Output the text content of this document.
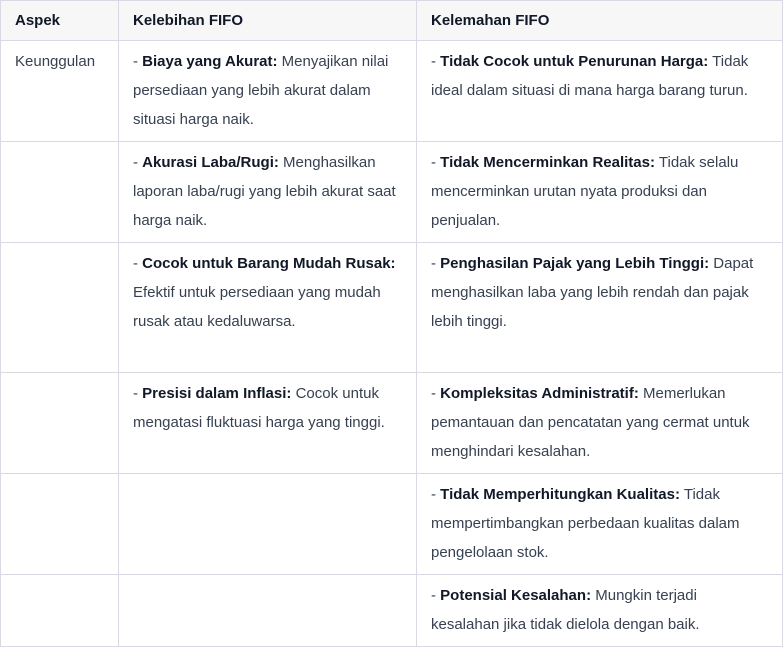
Aspek	Kelebihan FIFO	Kelemahan FIFO
Keunggulan	- Biaya yang Akurat: Menyajikan nilai persediaan yang lebih akurat dalam situasi harga naik.	- Tidak Cocok untuk Penurunan Harga: Tidak ideal dalam situasi di mana harga barang turun.
	- Akurasi Laba/Rugi: Menghasilkan laporan laba/rugi yang lebih akurat saat harga naik.	- Tidak Mencerminkan Realitas: Tidak selalu mencerminkan urutan nyata produksi dan penjualan.
	- Cocok untuk Barang Mudah Rusak: Efektif untuk persediaan yang mudah rusak atau kedaluwarsa.	- Penghasilan Pajak yang Lebih Tinggi: Dapat menghasilkan laba yang lebih rendah dan pajak lebih tinggi.
	- Presisi dalam Inflasi: Cocok untuk mengatasi fluktuasi harga yang tinggi.	- Kompleksitas Administratif: Memerlukan pemantauan dan pencatatan yang cermat untuk menghindari kesalahan.
		- Tidak Memperhitungkan Kualitas: Tidak mempertimbangkan perbedaan kualitas dalam pengelolaan stok.
		- Potensial Kesalahan: Mungkin terjadi kesalahan jika tidak dielola dengan baik.
